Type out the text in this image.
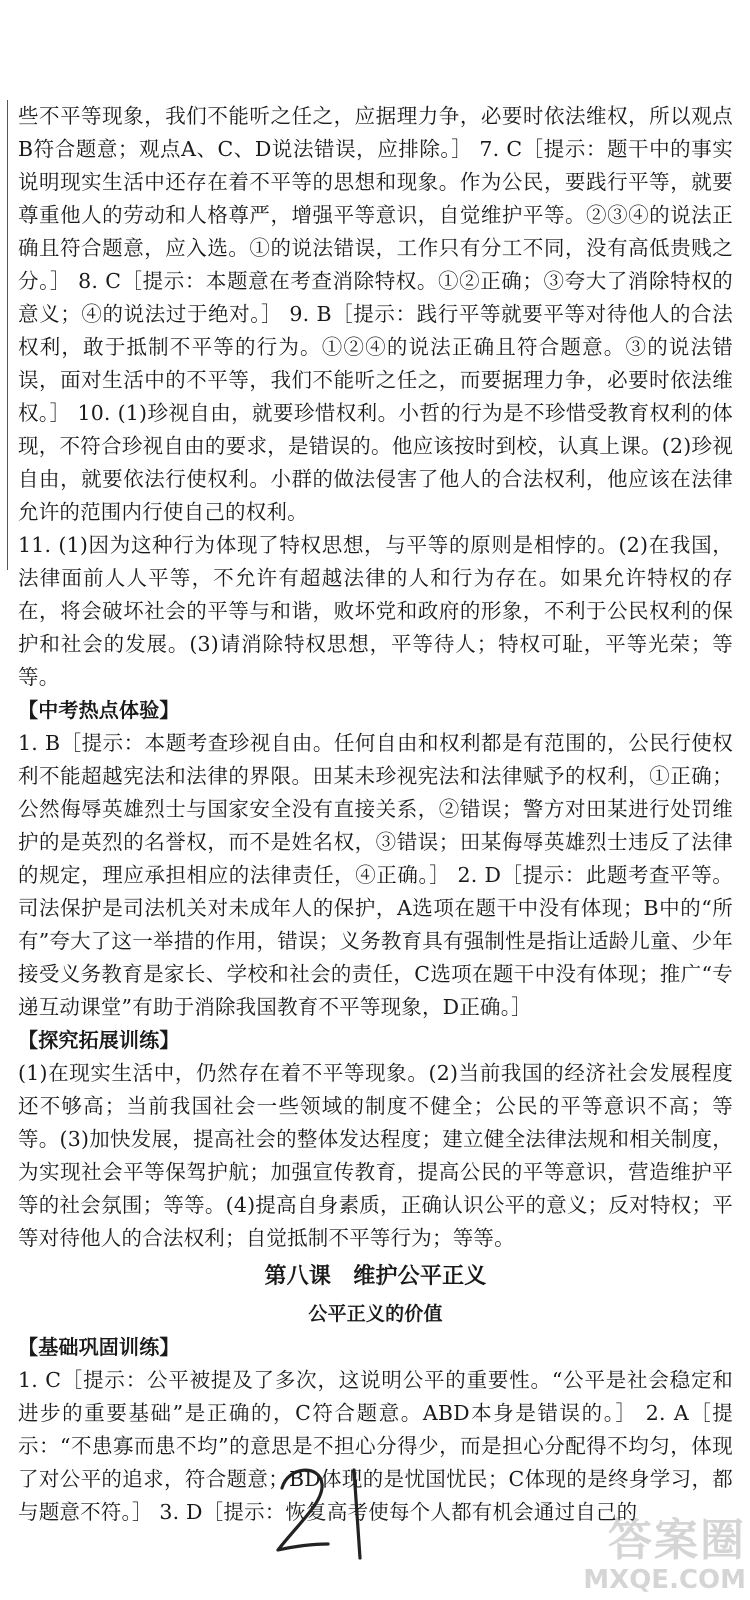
些不平等现象，我们不能听之任之，应据理力争，必要时依法维权，所以观点B符合题意；观点A、C、D说法错误，应排除。］ 7. C［提示：题干中的事实说明现实生活中还存在着不平等的思想和现象。作为公民，要践行平等，就要尊重他人的劳动和人格尊严，增强平等意识，自觉维护平等。②③④的说法正确且符合题意，应入选。①的说法错误，工作只有分工不同，没有高低贵贱之分。］ 8. C［提示：本题意在考查消除特权。①②正确；③夸大了消除特权的意义；④的说法过于绝对。］ 9. B［提示：践行平等就要平等对待他人的合法权利，敢于抵制不平等的行为。①②④的说法正确且符合题意。③的说法错误，面对生活中的不平等，我们不能听之任之，而要据理力争，必要时依法维权。］ 10. (1)珍视自由，就要珍惜权利。小哲的行为是不珍惜受教育权利的体现，不符合珍视自由的要求，是错误的。他应该按时到校，认真上课。(2)珍视自由，就要依法行使权利。小群的做法侵害了他人的合法权利，他应该在法律允许的范围内行使自己的权利。

11. (1)因为这种行为体现了特权思想，与平等的原则是相悖的。(2)在我国，法律面前人人平等，不允许有超越法律的人和行为存在。如果允许特权的存在，将会破坏社会的平等与和谐，败坏党和政府的形象，不利于公民权利的保护和社会的发展。(3)请消除特权思想，平等待人；特权可耻，平等光荣；等等。

【中考热点体验】

1. B［提示：本题考查珍视自由。任何自由和权利都是有范围的，公民行使权利不能超越宪法和法律的界限。田某未珍视宪法和法律赋予的权利，①正确；公然侮辱英雄烈士与国家安全没有直接关系，②错误；警方对田某进行处罚维护的是英烈的名誉权，而不是姓名权，③错误；田某侮辱英雄烈士违反了法律的规定，理应承担相应的法律责任，④正确。］ 2. D［提示：此题考查平等。司法保护是司法机关对未成年人的保护，A选项在题干中没有体现；B中的“所有”夸大了这一举措的作用，错误；义务教育具有强制性是指让适龄儿童、少年接受义务教育是家长、学校和社会的责任，C选项在题干中没有体现；推广“专递互动课堂”有助于消除我国教育不平等现象，D正确。］

【探究拓展训练】

(1)在现实生活中，仍然存在着不平等现象。(2)当前我国的经济社会发展程度还不够高；当前我国社会一些领域的制度不健全；公民的平等意识不高；等等。(3)加快发展，提高社会的整体发达程度；建立健全法律法规和相关制度，为实现社会平等保驾护航；加强宣传教育，提高公民的平等意识，营造维护平等的社会氛围；等等。(4)提高自身素质，正确认识公平的意义；反对特权；平等对待他人的合法权利；自觉抵制不平等行为；等等。

第八课　维护公平正义

公平正义的价值

【基础巩固训练】

1. C［提示：公平被提及了多次，这说明公平的重要性。“公平是社会稳定和进步的重要基础”是正确的，C符合题意。ABD本身是错误的。］ 2. A［提示：“不患寡而患不均”的意思是不担心分得少，而是担心分配得不均匀，体现了对公平的追求，符合题意；BD体现的是忧国忧民；C体现的是终身学习，都与题意不符。］ 3. D［提示：恢复高考使每个人都有机会通过自己的

答案圈
MXQE.COM
